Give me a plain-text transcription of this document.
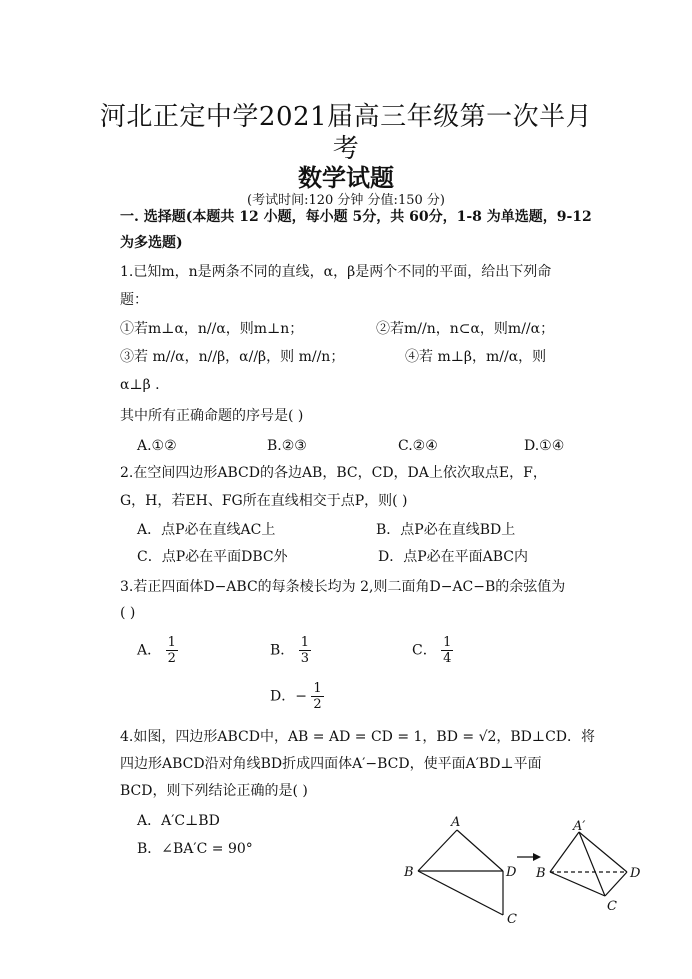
河北正定中学2021届高三年级第一次半月
考
数学试题
(考试时间:120 分钟 分值:150 分)
一. 选择题(本题共 12 小题，每小题 5分，共 60分，1-8 为单选题，9-12
为多选题)
1.已知m，n是两条不同的直线，α，β是两个不同的平面，给出下列命
题：
①若m⊥α，n//α，则m⊥n；	②若m//n，n⊂α，则m//α；
③若 m//α，n//β，α//β，则 m//n；	④若 m⊥β，m//α，则
α⊥β .
其中所有正确命题的序号是( )
A.①②	B.②③	C.②④	D.①④
2.在空间四边形ABCD的各边AB，BC，CD，DA上依次取点E，F，
G，H，若EH、FG所在直线相交于点P，则( )
A．点P必在直线AC上	B．点P必在直线BD上
C．点P必在平面DBC外	D．点P必在平面ABC内
3.若正四面体D−ABC的每条棱长均为 2,则二面角D−AC−B的余弦值为
( )
A． $\frac{1}{2}$	B． $\frac{1}{3}$	C． $\frac{1}{4}$
D．− $\frac{1}{2}$
4.如图，四边形ABCD中，AB = AD = CD = 1，BD = √2，BD⊥CD．将
四边形ABCD沿对角线BD折成四面体A′−BCD，使平面A′BD⊥平面
BCD，则下列结论正确的是( )
A．A′C⊥BD
B．∠BA′C = 90°
A
B	D
C
A′
B	D
C
